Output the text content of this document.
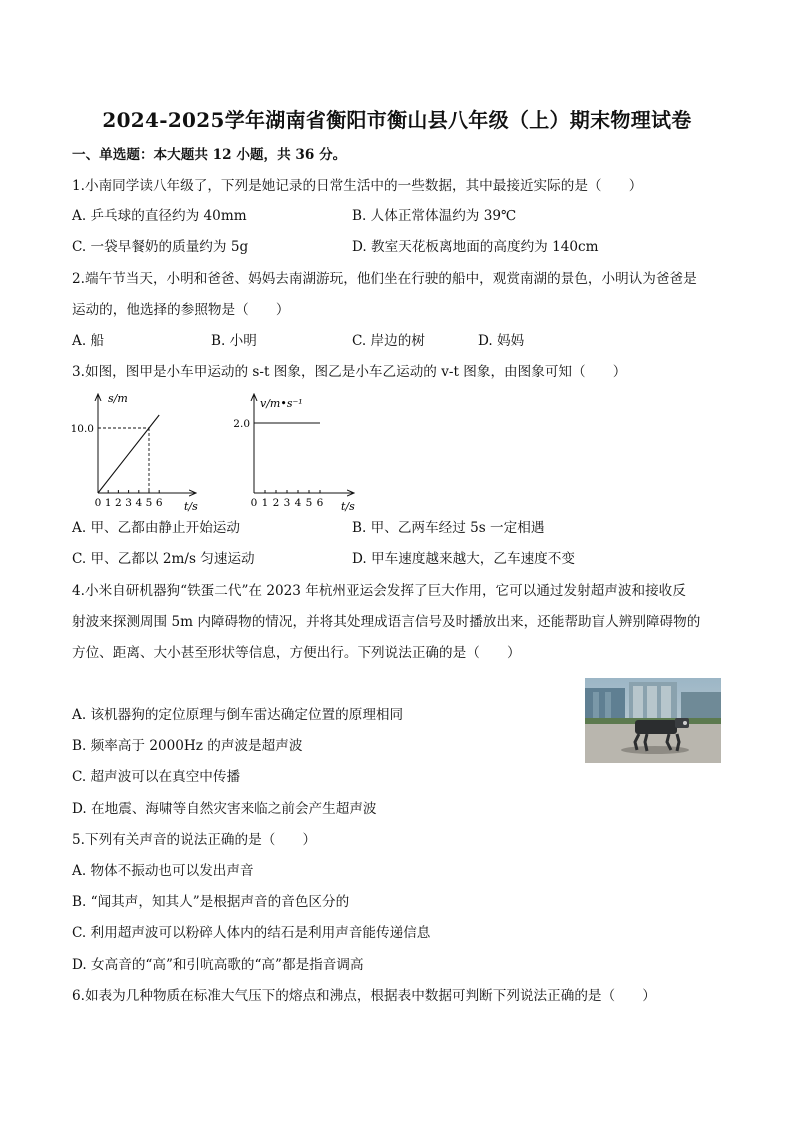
2024-2025学年湖南省衡阳市衡山县八年级（上）期末物理试卷
一、单选题：本大题共 12 小题，共 36 分。
1.小南同学读八年级了，下列是她记录的日常生活中的一些数据，其中最接近实际的是（　　）
A. 乒乓球的直径约为 40mm	B. 人体正常体温约为 39℃
C. 一袋早餐奶的质量约为 5g	D. 教室天花板离地面的高度约为 140cm
2.端午节当天，小明和爸爸、妈妈去南湖游玩，他们坐在行驶的船中，观赏南湖的景色，小明认为爸爸是
运动的，他选择的参照物是（　　）
A. 船	B. 小明	C. 岸边的树	D. 妈妈
3.如图，图甲是小车甲运动的 s-t 图象，图乙是小车乙运动的 v-t 图象，由图象可知（　　）
s/m
t/s
0 1 2 3 4 5 6
10.0
v/m•s⁻¹
t/s
0 1 2 3 4 5 6
2.0
A. 甲、乙都由静止开始运动	B. 甲、乙两车经过 5s 一定相遇
C. 甲、乙都以 2m/s 匀速运动	D. 甲车速度越来越大，乙车速度不变
4.小米自研机器狗“铁蛋二代”在 2023 年杭州亚运会发挥了巨大作用，它可以通过发射超声波和接收反
射波来探测周围 5m 内障碍物的情况，并将其处理成语言信号及时播放出来，还能帮助盲人辨别障碍物的
方位、距离、大小甚至形状等信息，方便出行。下列说法正确的是（　　）
A. 该机器狗的定位原理与倒车雷达确定位置的原理相同
B. 频率高于 2000Hz 的声波是超声波
C. 超声波可以在真空中传播
D. 在地震、海啸等自然灾害来临之前会产生超声波
5.下列有关声音的说法正确的是（　　）
A. 物体不振动也可以发出声音
B. “闻其声，知其人”是根据声音的音色区分的
C. 利用超声波可以粉碎人体内的结石是利用声音能传递信息
D. 女高音的“高”和引吭高歌的“高”都是指音调高
6.如表为几种物质在标准大气压下的熔点和沸点，根据表中数据可判断下列说法正确的是（　　）
